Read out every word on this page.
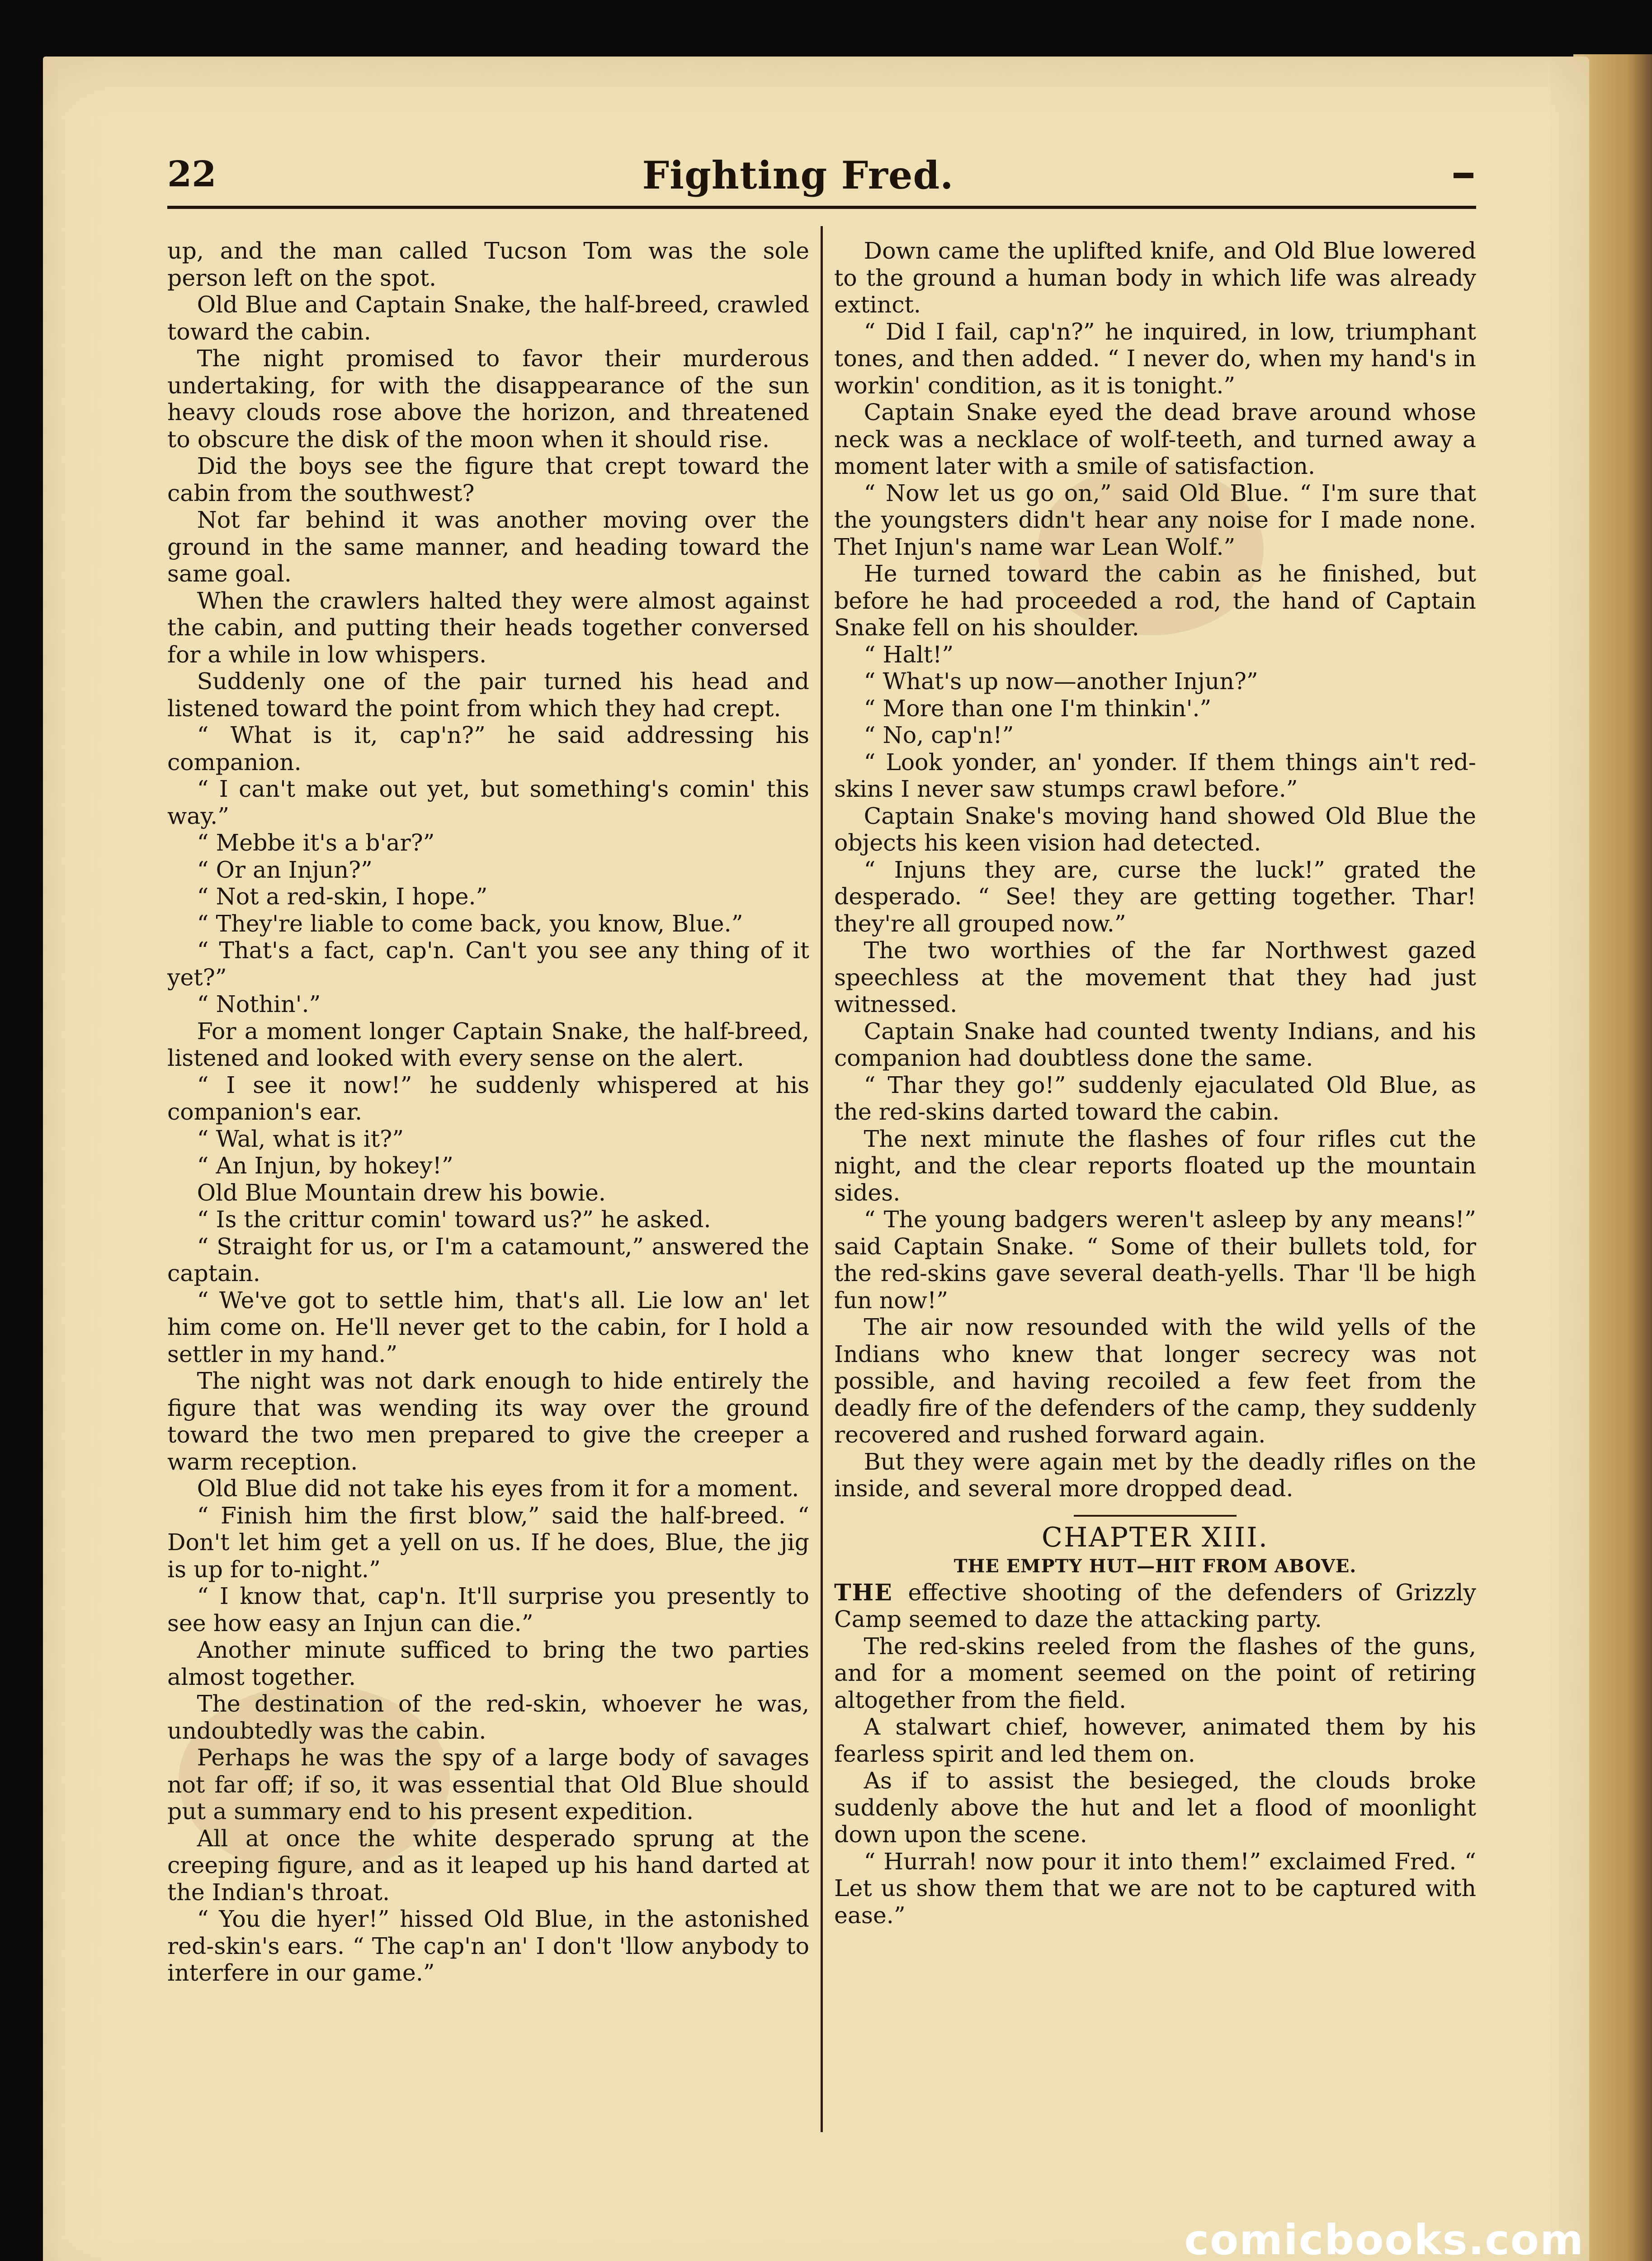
22	Fighting Fred.

up, and the man called Tucson Tom was the sole person left on the spot.

Old Blue and Captain Snake, the half-breed, crawled toward the cabin.

The night promised to favor their murderous undertaking, for with the disappearance of the sun heavy clouds rose above the horizon, and threatened to obscure the disk of the moon when it should rise.

Did the boys see the figure that crept toward the cabin from the southwest?

Not far behind it was another moving over the ground in the same manner, and heading toward the same goal.

When the crawlers halted they were almost against the cabin, and putting their heads together conversed for a while in low whispers.

Suddenly one of the pair turned his head and listened toward the point from which they had crept.

“ What is it, cap'n?” he said addressing his companion.

“ I can't make out yet, but something's comin' this way.”

“ Mebbe it's a b'ar?”

“ Or an Injun?”

“ Not a red-skin, I hope.”

“ They're liable to come back, you know, Blue.”

“ That's a fact, cap'n. Can't you see any thing of it yet?”

“ Nothin'.”

For a moment longer Captain Snake, the half-breed, listened and looked with every sense on the alert.

“ I see it now!” he suddenly whispered at his companion's ear.

“ Wal, what is it?”

“ An Injun, by hokey!”

Old Blue Mountain drew his bowie.

“ Is the crittur comin' toward us?” he asked.

“ Straight for us, or I'm a catamount,” answered the captain.

“ We've got to settle him, that's all. Lie low an' let him come on. He'll never get to the cabin, for I hold a settler in my hand.”

The night was not dark enough to hide entirely the figure that was wending its way over the ground toward the two men prepared to give the creeper a warm reception.

Old Blue did not take his eyes from it for a moment.

“ Finish him the first blow,” said the half-breed. “ Don't let him get a yell on us. If he does, Blue, the jig is up for to-night.”

“ I know that, cap'n. It'll surprise you presently to see how easy an Injun can die.”

Another minute sufficed to bring the two parties almost together.

The destination of the red-skin, whoever he was, undoubtedly was the cabin.

Perhaps he was the spy of a large body of savages not far off; if so, it was essential that Old Blue should put a summary end to his present expedition.

All at once the white desperado sprung at the creeping figure, and as it leaped up his hand darted at the Indian's throat.

“ You die hyer!” hissed Old Blue, in the astonished red-skin's ears. “ The cap'n an' I don't 'llow anybody to interfere in our game.”

Down came the uplifted knife, and Old Blue lowered to the ground a human body in which life was already extinct.

“ Did I fail, cap'n?” he inquired, in low, triumphant tones, and then added. “ I never do, when my hand's in workin' condition, as it is tonight.”

Captain Snake eyed the dead brave around whose neck was a necklace of wolf-teeth, and turned away a moment later with a smile of satisfaction.

“ Now let us go on,” said Old Blue. “ I'm sure that the youngsters didn't hear any noise for I made none. Thet Injun's name war Lean Wolf.”

He turned toward the cabin as he finished, but before he had proceeded a rod, the hand of Captain Snake fell on his shoulder.

“ Halt!”

“ What's up now—another Injun?”

“ More than one I'm thinkin'.”

“ No, cap'n!”

“ Look yonder, an' yonder. If them things ain't red-skins I never saw stumps crawl before.”

Captain Snake's moving hand showed Old Blue the objects his keen vision had detected.

“ Injuns they are, curse the luck!” grated the desperado. “ See! they are getting together. Thar! they're all grouped now.”

The two worthies of the far Northwest gazed speechless at the movement that they had just witnessed.

Captain Snake had counted twenty Indians, and his companion had doubtless done the same.

“ Thar they go!” suddenly ejaculated Old Blue, as the red-skins darted toward the cabin.

The next minute the flashes of four rifles cut the night, and the clear reports floated up the mountain sides.

“ The young badgers weren't asleep by any means!” said Captain Snake. “ Some of their bullets told, for the red-skins gave several death-yells. Thar 'll be high fun now!”

The air now resounded with the wild yells of the Indians who knew that longer secrecy was not possible, and having recoiled a few feet from the deadly fire of the defenders of the camp, they suddenly recovered and rushed forward again.

But they were again met by the deadly rifles on the inside, and several more dropped dead.

CHAPTER XIII.
THE EMPTY HUT—HIT FROM ABOVE.

THE effective shooting of the defenders of Grizzly Camp seemed to daze the attacking party.

The red-skins reeled from the flashes of the guns, and for a moment seemed on the point of retiring altogether from the field.

A stalwart chief, however, animated them by his fearless spirit and led them on.

As if to assist the besieged, the clouds broke suddenly above the hut and let a flood of moonlight down upon the scene.

“ Hurrah! now pour it into them!” exclaimed Fred. “ Let us show them that we are not to be captured with ease.”

comicbooks.com
